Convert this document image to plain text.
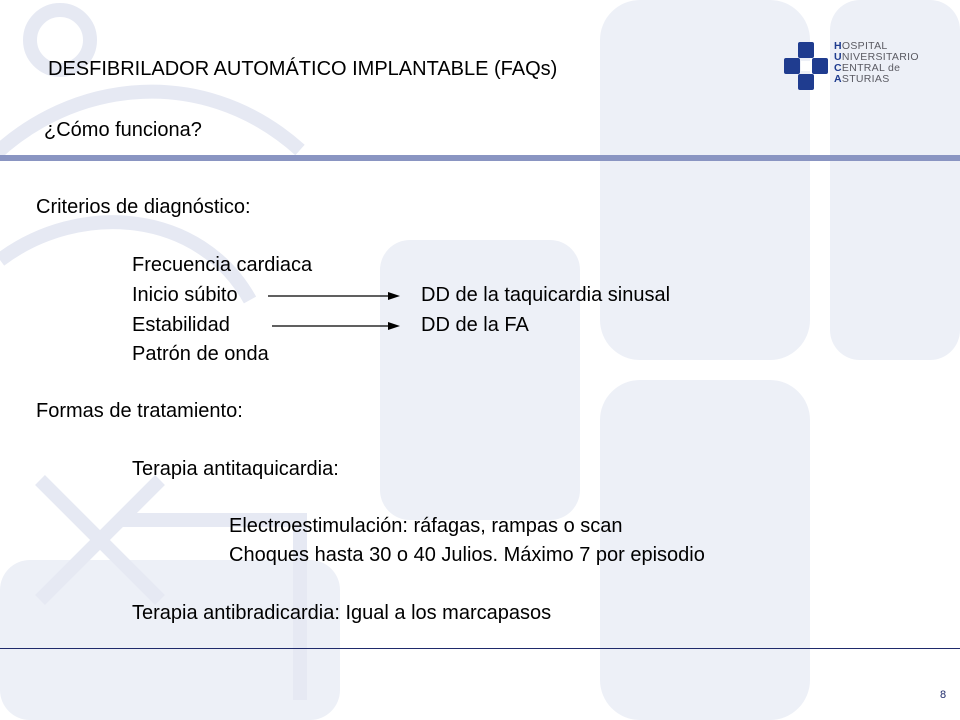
HOSPITAL
UNIVERSITARIO
CENTRAL de
ASTURIAS
DESFIBRILADOR AUTOMÁTICO IMPLANTABLE (FAQs)
¿Cómo funciona?
Criterios de diagnóstico:
Frecuencia cardiaca
Inicio súbito
Estabilidad
Patrón de onda
DD de la taquicardia sinusal
DD de la FA
Formas de tratamiento:
Terapia antitaquicardia:
Electroestimulación: ráfagas, rampas o scan
Choques hasta 30 o 40 Julios. Máximo 7 por episodio
Terapia antibradicardia: Igual a los marcapasos
8
